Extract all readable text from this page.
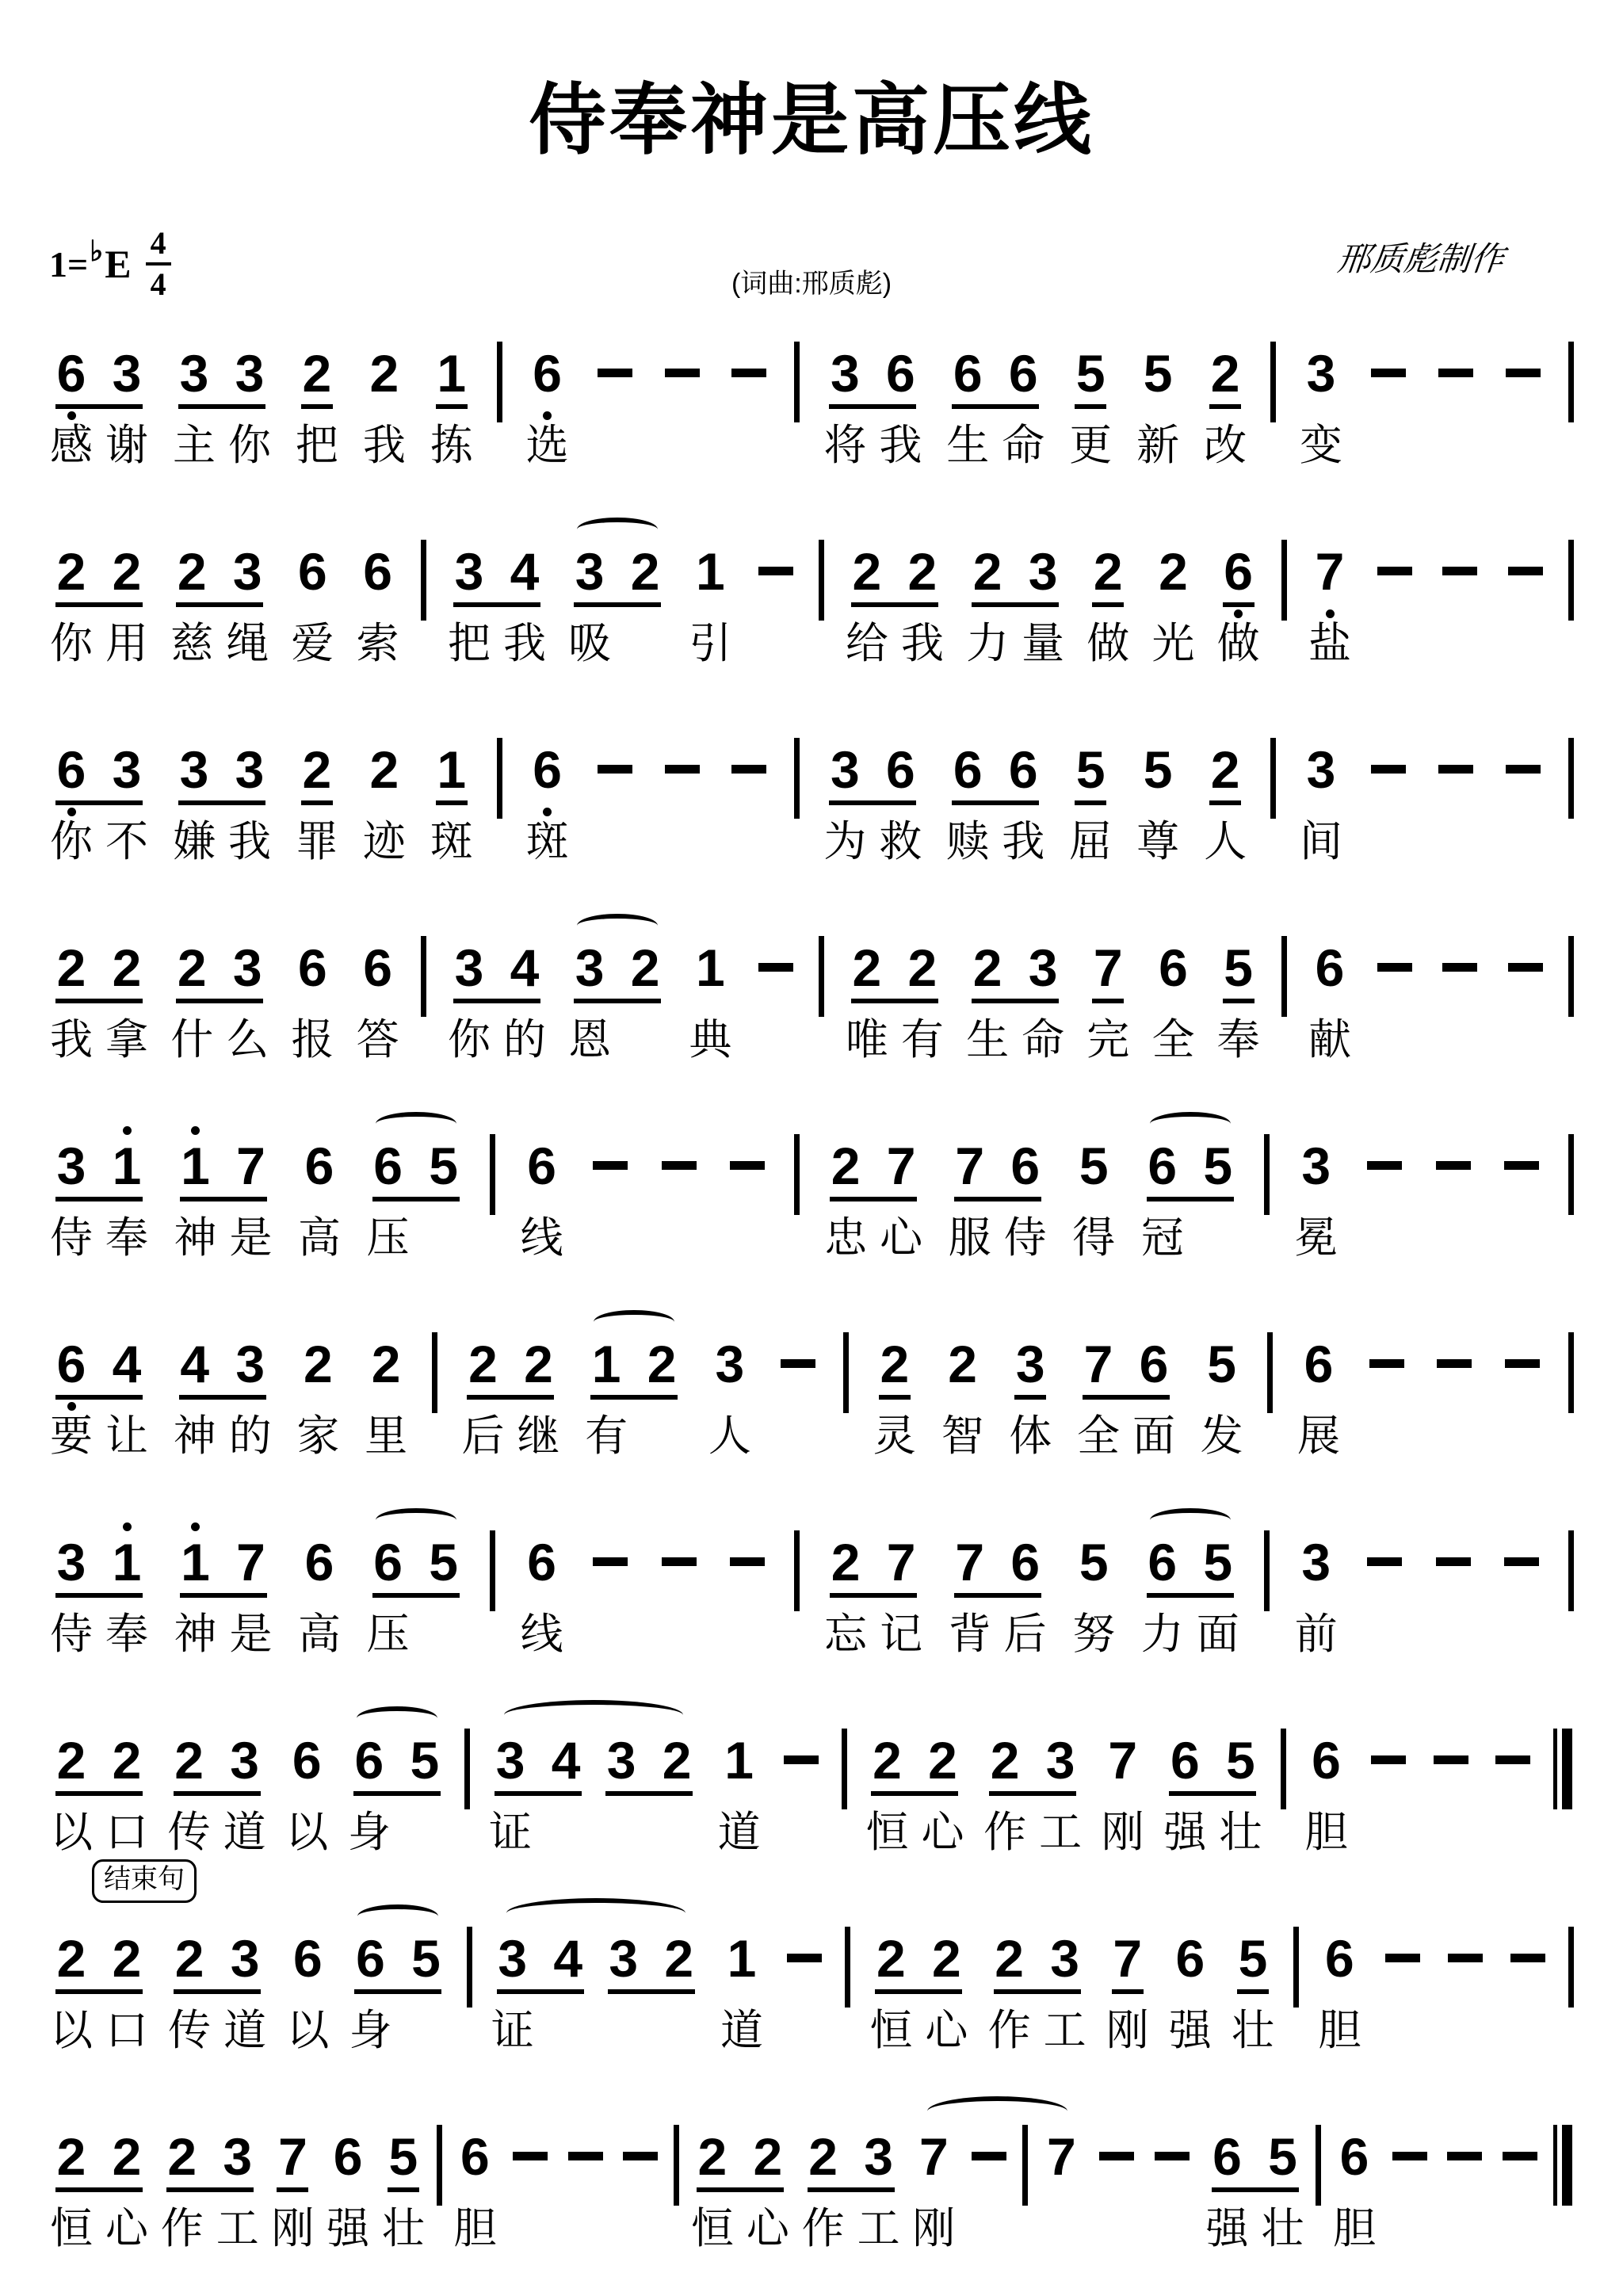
侍奉神是高压线
1= ♭ E $\frac{4}{4}$	(词曲:邢质彪)
邢质彪制作
结束句
6
感
3
谢
3
主
3
你
2
把
2
我
1
拣
6
选
3
将
6
我
6
生
6
命
5
更
5
新
2
改
3
变
2
你
2
用
2
慈
3
绳
6
爱
6
索
3
把
4
我
3
吸
2 1
引
2
给
2
我
2
力
3
量
2
做
2
光
6
做
7
盐
6
你
3
不
3
嫌
3
我
2
罪
2
迹
1
斑
6
斑
3
为
6
救
6
赎
6
我
5
屈
5
尊
2
人
3
间
2
我
2
拿
2
什
3
么
6
报
6
答
3
你
4
的
3
恩
2 1
典
2
唯
2
有
2
生
3
命
7
完
6
全
5
奉
6
献
3
侍
1
奉
1
神
7
是
6
高
6
压
5 6
线
2
忠
7
心
7
服
6
侍
5
得
6
冠
5 3
冕
6
要
4
让
4
神
3
的
2
家
2
里
2
后
2
继
1
有
2 3
人
2
灵
2
智
3
体
7
全
6
面
5
发
6
展
3
侍
1
奉
1
神
7
是
6
高
6
压
5 6
线
2
忘
7
记
7
背
6
后
5
努
6
力
5
面
3
前
2
以
2
口
2
传
3
道
6
以
6
身
5 3
证
4 3 2 1
道
2
恒
2
心
2
作
3
工
7
刚
6
强
5
壮
6
胆
2
以
2
口
2
传
3
道
6
以
6
身
5 3
证
4 3 2 1
道
2
恒
2
心
2
作
3
工
7
刚
6
强
5
壮
6
胆
2
恒
2
心
2
作
3
工
7
刚
6
强
5
壮
6
胆
2
恒
2
心
2
作
3
工
7
刚
7	6
强
5
壮
6
胆
